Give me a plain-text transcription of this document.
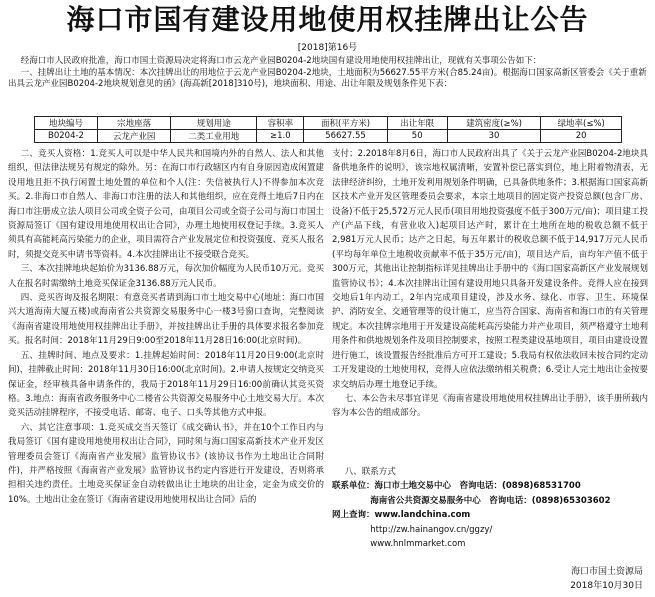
海口市国有建设用地使用权挂牌出让公告
[2018]第16号

经海口市人民政府批准，海口市国土资源局决定将海口市云龙产业园B0204-2地块国有建设用地使用权挂牌出让，现就有关事项公告如下：

一、挂牌出让土地的基本情况：本次挂牌出让的用地位于云龙产业园B0204-2地块，土地面积为56627.55平方米(合85.24亩)。根据海口国家高新区管委会《关于重新出具云龙产业园B0204-2地块规划意见的函》(海高新[2018]310号)，地块面积、用途、出让年限及规划条件见下表：

地块编号	宗地座落	规划用途	容积率	面积(平方米)	出让年限	建筑密度(≥%)	绿地率(≤%)
B0204-2	云龙产业园	二类工业用地	≥1.0	56627.55	50	30	20

二、竞买人资格：1.竞买人可以是中华人民共和国境内外的自然人、法人和其他组织，但法律法规另有规定的除外。另：在海口市行政辖区内有自身原因造成闲置建设用地且拒不执行闲置土地处置的单位和个人(注：失信被执行人)不得参加本次竞买。2.非海口市自然人、非海口市注册的法人和其他组织，应在竞得土地后7日内在海口市注册成立法人项目公司或全资子公司，由项目公司或全资子公司与海口市国土资源局签订《国有建设用地使用权出让合同》，办理土地使用权登记手续。3.竞买人须具有高能耗高污染能力的企业，项目需符合产业发展定位和投资强度、竞买人报名时，须提交竞买申请书等资料。4.本次挂牌出让不接受联合竞买。

三、本次挂牌地块起始价为3136.88万元，每次加价幅度为人民币10万元。竞买人在报名时需缴纳土地竞买保证金3136.88万元人民币。

四、竞买咨询及报名期限：有意竞买者请到海口市土地交易中心(地址：海口市国兴大道海南大厦五楼)或海南省公共资源交易服务中心一楼3号窗口查询，完整阅读《海南省建设用地使用权挂牌出让手册》，并按挂牌出让手册的具体要求报名参加竞买。报名时间：2018年11月29日9:00至2018年11月28日16:00(北京时间)。

五、挂牌时间、地点及要求：1.挂牌起始时间：2018年11月20日9:00(北京时间)，挂牌截止时间：2018年11月30日16:00(北京时间)。2.申请人按规定交纳竞买保证金，经审核具备申请条件的，我局于2018年11月29日16:00前确认其竞买资格。3.地点：海南省政务服务中心二楼省公共资源交易服务中心土地交易大厅。本次竞买活动挂牌程序，不接受电话、邮寄、电子、口头等其他方式申报。

六、其它注意事项：1.竞买成交当天签订《成交确认书》，并在10个工作日内与我局签订《国有建设用地使用权出让合同》，同时须与海口国家高新技术产业开发区管理委员会签订《海南省产业发展》监管协议书》(该协议书作为土地出让合同附件)，并严格按照《海南省产业发展》监管协议书约定内容进行开发建设，否则将承担相关违约责任。土地竞买保证金自动转做出让土地块的出让金，定金为成交价的10%。土地出让金在签订《海南省建设用地使用权出让合同》后的

支付；2.2018年8月6日，海口市人民政府出具了《关于云龙产业园B0204-2地块具备供地条件的说明》，该宗地权属清晰，安置补偿已落实到位，地上附着物清表，无法律经济纠纷，土地开发利用规划条件明确，已具备供地条件；3.根据海口国家高新区技术产业开发区管理委员会要求，本宗土地项目的固定资产投资总额(包含厂房、设备)不低于25,572万元人民币(项目用地投资强度不低于300万元/亩)；项目建工投产(产品下线，有营业收入)起项目达产时，累计在土地所在地的税收总额不低于2,981万元人民币；达产之日起，每五年累计的税收总额不低于14,917万元人民币(平均每年单位土地税收贡献率不低于35万元/亩)，项目达产后，亩均年产值不低于300万元，其他出让控制指标详见挂牌出让手册中的《海口国家高新区产业发展规划监管协议书》；4.本次挂牌出让国有建设用地只具备开发建设条件。竞得人应在接到交地后1年内动工，2年内完成项目建设，涉及水务、绿化、市容、卫生、环境保护、消防安全、交通管理等的设计施工，应当符合国家、海南省和海口市的有关管理规定。本次挂牌宗地用于开发建设高能耗高污染能力并产业项目，须严格遵守土地利用条件和供地规划条件及项目控制要求，按照工程类建设基地项目，项目由建设设置进行施工，该设置报告经批准后方可开工建设；5.我局有权依法收回未按合同约定动工开发建设的土地使用权，竞得人应依法缴纳相关税费；6.受让人完土地出让金按要求交纳后办理土地登记手续。

七、本公告未尽事宜详见《海南省建设用地使用权挂牌出让手册》，该手册所载内容为本公告的组成部分。

八、联系方式
联系单位：海口市土地交易中心　咨询电话：(0898)68531700
海南省公共资源交易服务中心　咨询电话：(0898)65303602
网上查询：www.landchina.com
http://zw.hainangov.cn/ggzy/
www.hnlmmarket.com
海口市国土资源局
2018年10月30日
